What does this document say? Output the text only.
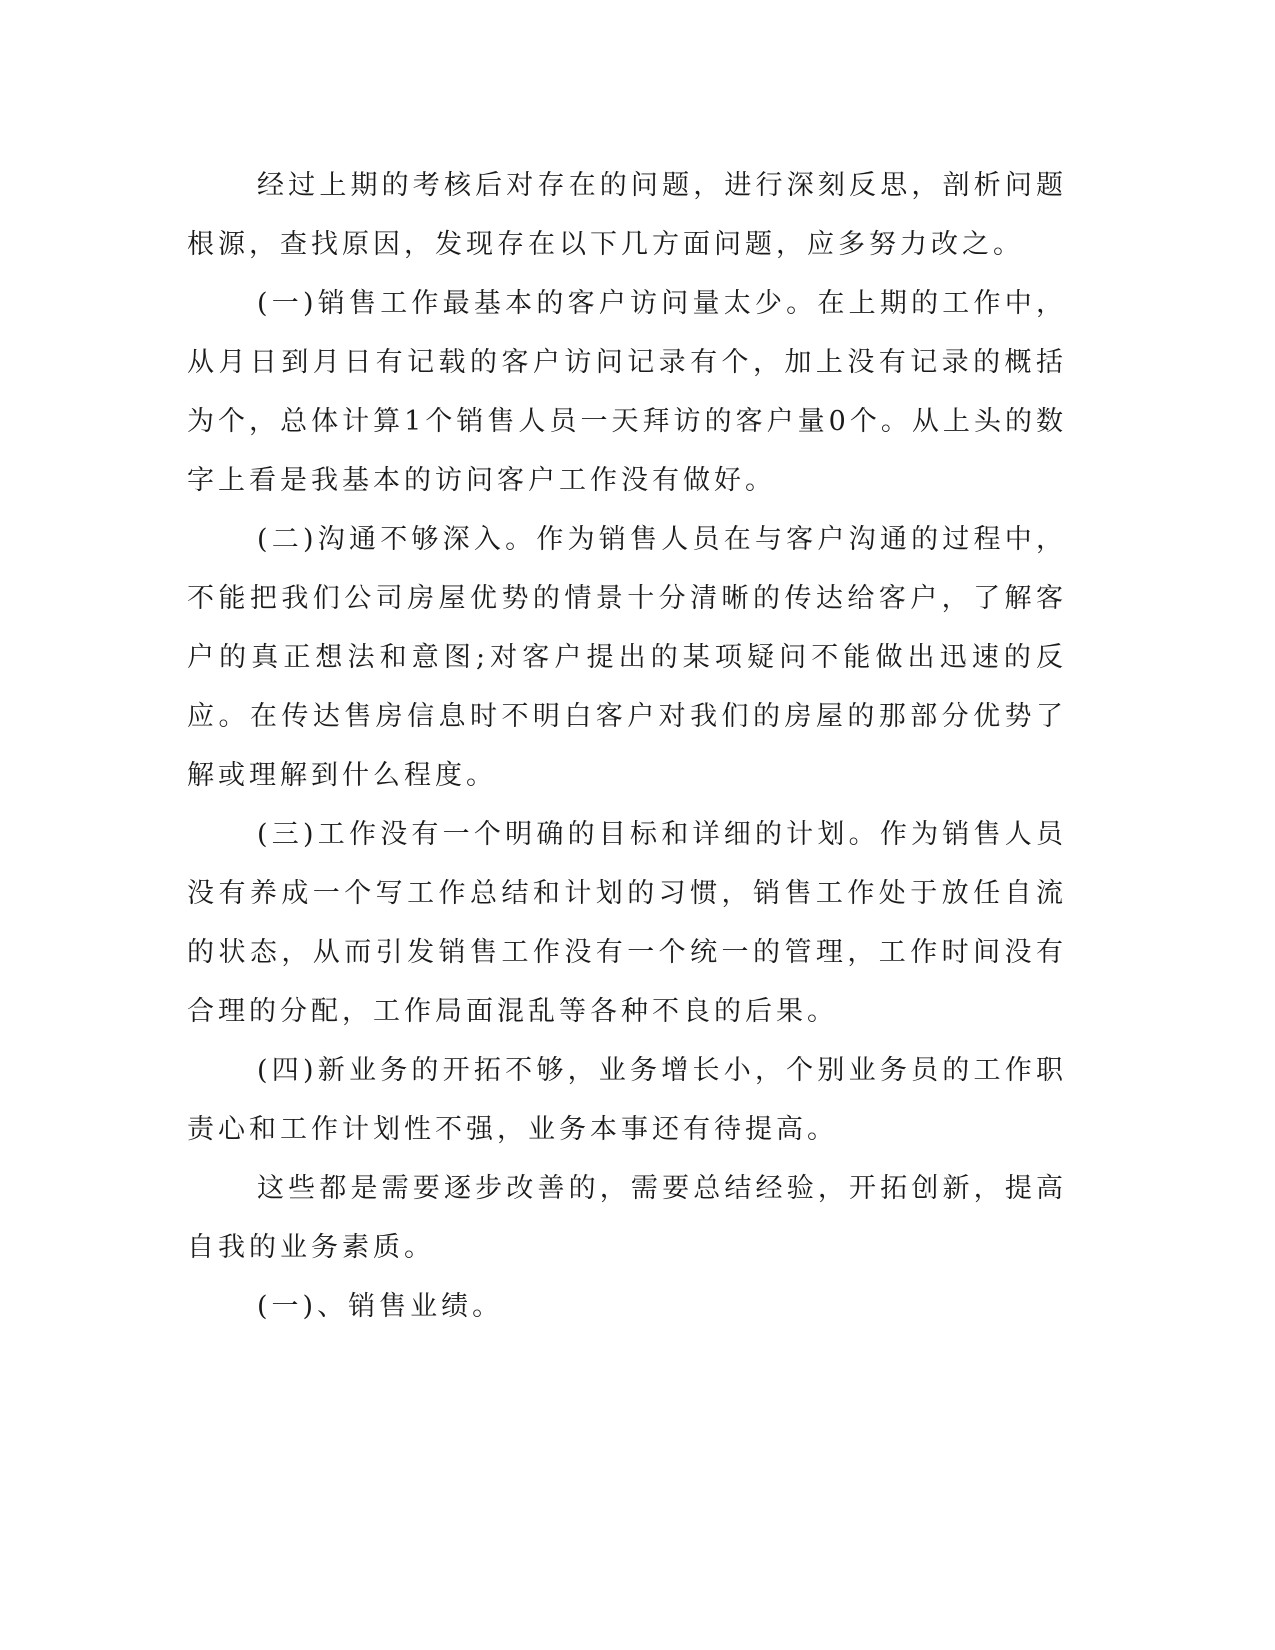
经过上期的考核后对存在的问题，进行深刻反思，剖析问题根源，查找原因，发现存在以下几方面问题，应多努力改之。

(一)销售工作最基本的客户访问量太少。在上期的工作中，从月日到月日有记载的客户访问记录有个，加上没有记录的概括为个，总体计算1个销售人员一天拜访的客户量0个。从上头的数字上看是我基本的访问客户工作没有做好。

(二)沟通不够深入。作为销售人员在与客户沟通的过程中，不能把我们公司房屋优势的情景十分清晰的传达给客户，了解客户的真正想法和意图;对客户提出的某项疑问不能做出迅速的反应。在传达售房信息时不明白客户对我们的房屋的那部分优势了解或理解到什么程度。

(三)工作没有一个明确的目标和详细的计划。作为销售人员没有养成一个写工作总结和计划的习惯，销售工作处于放任自流的状态，从而引发销售工作没有一个统一的管理，工作时间没有合理的分配，工作局面混乱等各种不良的后果。

(四)新业务的开拓不够，业务增长小，个别业务员的工作职责心和工作计划性不强，业务本事还有待提高。

这些都是需要逐步改善的，需要总结经验，开拓创新，提高自我的业务素质。

(一)、销售业绩。
